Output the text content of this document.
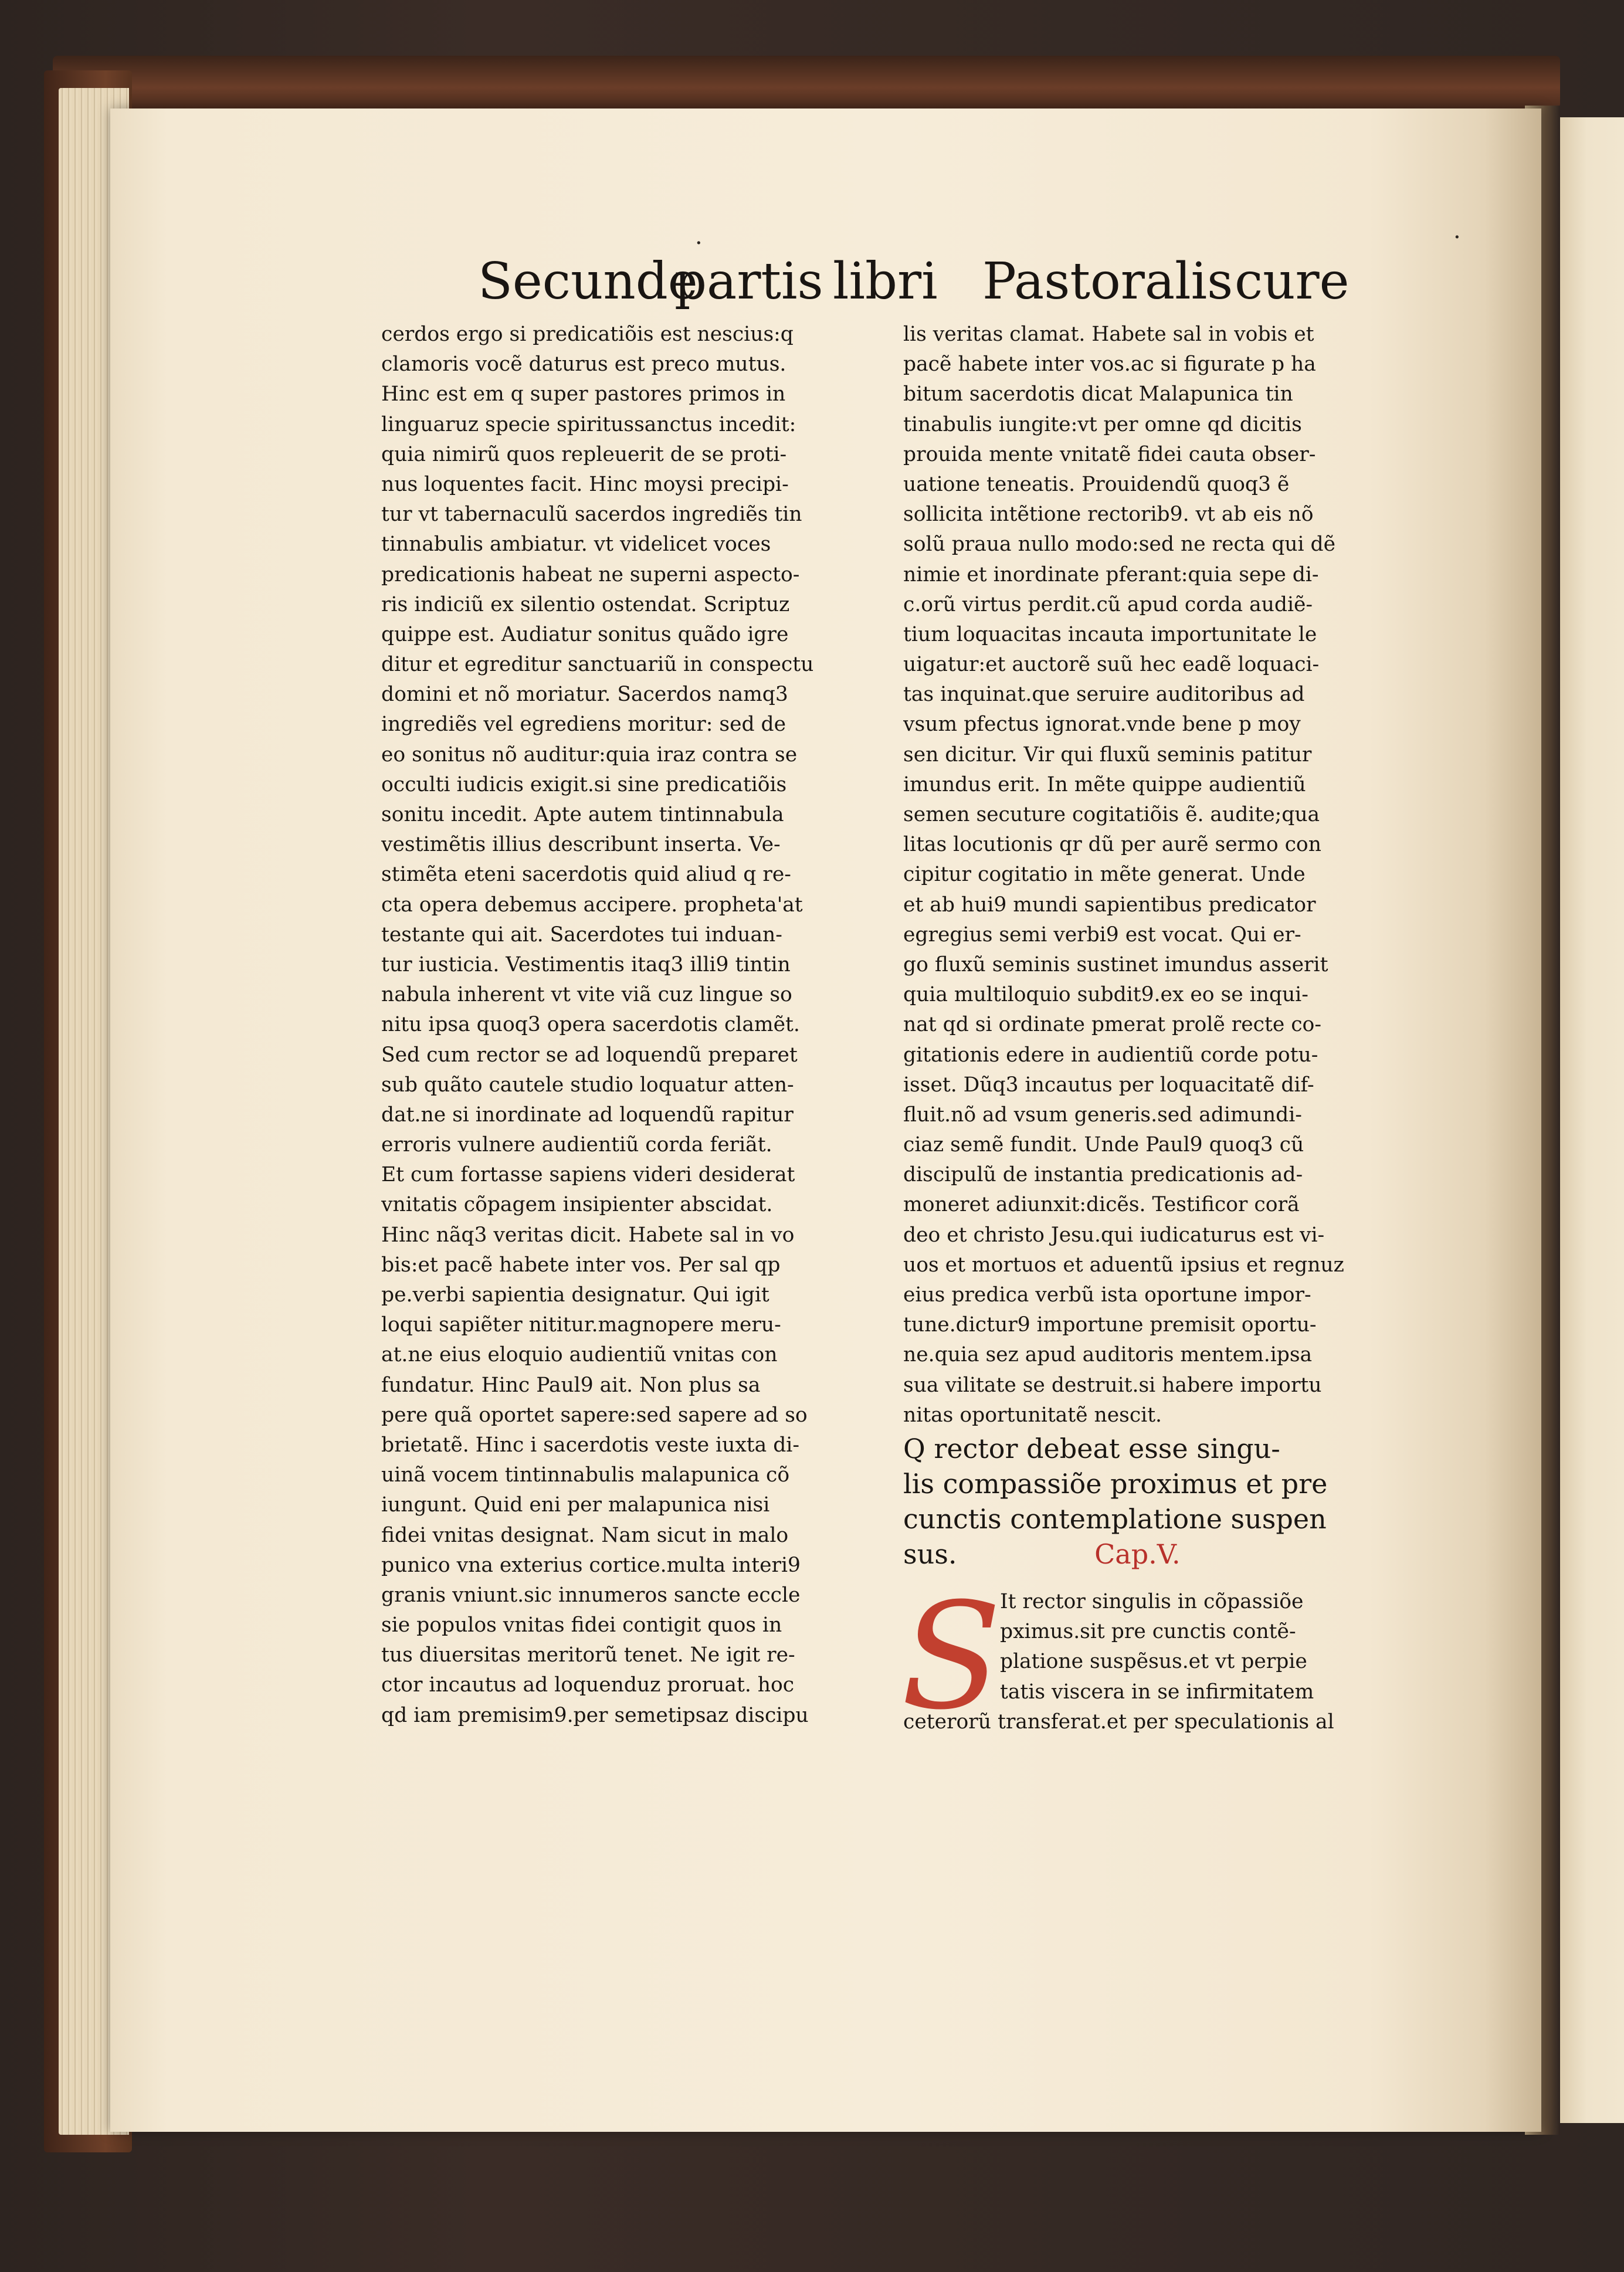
·	·
Secunde
partis libri Pastoralis cure
cerdos ergo si predicatiõis est nescius:q
clamoris vocẽ daturus est preco mutus.
Hinc est em q super pastores primos in
linguaruz specie spiritussanctus incedit:
quia nimirũ quos repleuerit de se proti-
nus loquentes facit. Hinc moysi precipi-
tur vt tabernaculũ sacerdos ingrediẽs tin
tinnabulis ambiatur. vt videlicet voces
predicationis habeat ne superni aspecto-
ris indiciũ ex silentio ostendat. Scriptuz
quippe est. Audiatur sonitus quãdo igre
ditur et egreditur sanctuariũ in conspectu
domini et nõ moriatur. Sacerdos namq3
ingrediẽs vel egrediens moritur: sed de
eo sonitus nõ auditur:quia iraz contra se
occulti iudicis exigit.si sine predicatiõis
sonitu incedit. Apte autem tintinnabula
vestimẽtis illius describunt inserta. Ve-
stimẽta eteni sacerdotis quid aliud q re-
cta opera debemus accipere. propheta'at
testante qui ait. Sacerdotes tui induan-
tur iusticia. Vestimentis itaq3 illi9 tintin
nabula inherent vt vite viã cuz lingue so
nitu ipsa quoq3 opera sacerdotis clamẽt.
Sed cum rector se ad loquendũ preparet
sub quãto cautele studio loquatur atten-
dat.ne si inordinate ad loquendũ rapitur
erroris vulnere audientiũ corda feriãt.
Et cum fortasse sapiens videri desiderat
vnitatis cõpagem insipienter abscidat.
Hinc nãq3 veritas dicit. Habete sal in vo
bis:et pacẽ habete inter vos. Per sal qp
pe.verbi sapientia designatur. Qui igit
loqui sapiẽter nititur.magnopere meru-
at.ne eius eloquio audientiũ vnitas con
fundatur. Hinc Paul9 ait. Non plus sa
pere quã oportet sapere:sed sapere ad so
brietatẽ. Hinc i sacerdotis veste iuxta di-
uinã vocem tintinnabulis malapunica cõ
iungunt. Quid eni per malapunica nisi
fidei vnitas designat. Nam sicut in malo
punico vna exterius cortice.multa interi9
granis vniunt.sic innumeros sancte eccle
sie populos vnitas fidei contigit quos in
tus diuersitas meritorũ tenet. Ne igit re-
ctor incautus ad loquenduz proruat. hoc
qd iam premisim9.per semetipsaz discipu
lis veritas clamat. Habete sal in vobis et
pacẽ habete inter vos.ac si figurate p ha
bitum sacerdotis dicat Malapunica tin
tinabulis iungite:vt per omne qd dicitis
prouida mente vnitatẽ fidei cauta obser-
uatione teneatis. Prouidendũ quoq3 ẽ
sollicita intẽtione rectorib9. vt ab eis nõ
solũ praua nullo modo:sed ne recta qui dẽ
nimie et inordinate pferant:quia sepe di-
c.orũ virtus perdit.cũ apud corda audiẽ-
tium loquacitas incauta importunitate le
uigatur:et auctorẽ suũ hec eadẽ loquaci-
tas inquinat.que seruire auditoribus ad
vsum pfectus ignorat.vnde bene p moy
sen dicitur. Vir qui fluxũ seminis patitur
imundus erit. In mẽte quippe audientiũ
semen secuture cogitatiõis ẽ. audite;qua
litas locutionis qr dũ per aurẽ sermo con
cipitur cogitatio in mẽte generat. Unde
et ab hui9 mundi sapientibus predicator
egregius semi verbi9 est vocat. Qui er-
go fluxũ seminis sustinet imundus asserit
quia multiloquio subdit9.ex eo se inqui-
nat qd si ordinate pmerat prolẽ recte co-
gitationis edere in audientiũ corde potu-
isset. Dũq3 incautus per loquacitatẽ dif-
fluit.nõ ad vsum generis.sed adimundi-
ciaz semẽ fundit. Unde Paul9 quoq3 cũ
discipulũ de instantia predicationis ad-
moneret adiunxit:dicẽs. Testificor corã
deo et christo Jesu.qui iudicaturus est vi-
uos et mortuos et aduentũ ipsius et regnuz
eius predica verbũ ista oportune impor-
tune.dictur9 importune premisit oportu-
ne.quia sez apud auditoris mentem.ipsa
sua vilitate se destruit.si habere importu
nitas oportunitatẽ nescit.
Q rector debeat esse singu-
lis compassiõe proximus et pre
cunctis contemplatione suspen
sus.	Cap.V.
S
It rector singulis in cõpassiõe
pximus.sit pre cunctis contẽ-
platione suspẽsus.et vt perpie
tatis viscera in se infirmitatem
ceterorũ transferat.et per speculationis al
